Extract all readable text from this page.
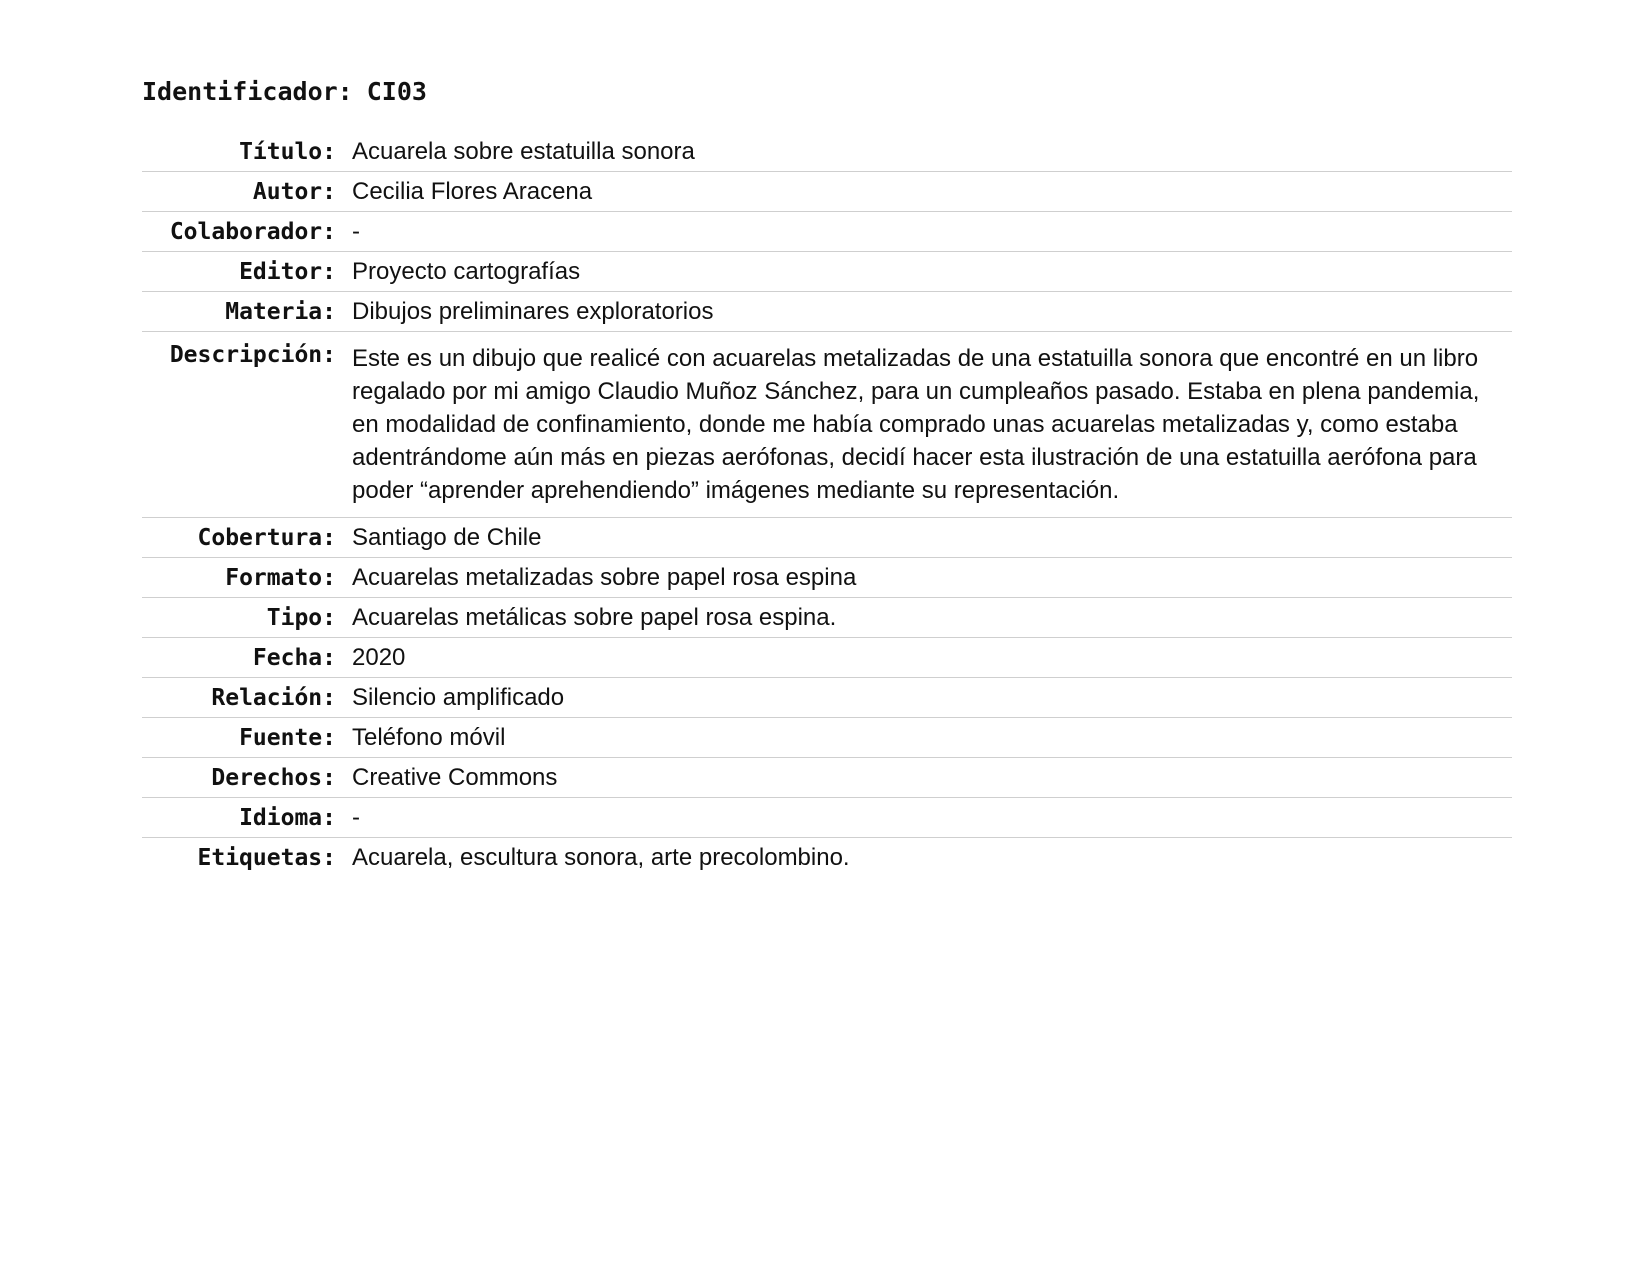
Identificador: CI03
Título:	Acuarela sobre estatuilla sonora
Autor:	Cecilia Flores Aracena
Colaborador:	-
Editor:	Proyecto cartografías
Materia:	Dibujos preliminares exploratorios
Descripción:	Este es un dibujo que realicé con acuarelas metalizadas de una estatuilla sonora que encontré en un libro regalado por mi amigo Claudio Muñoz Sánchez, para un cumpleaños pasado. Estaba en plena pandemia, en modalidad de confinamiento, donde me había comprado unas acuarelas metalizadas y, como estaba adentrándome aún más en piezas aerófonas, decidí hacer esta ilustración de una estatuilla aerófona para poder “aprender aprehendiendo” imágenes mediante su representación.
Cobertura:	Santiago de Chile
Formato:	Acuarelas metalizadas sobre papel rosa espina
Tipo:	Acuarelas metálicas sobre papel rosa espina.
Fecha:	2020
Relación:	Silencio amplificado
Fuente:	Teléfono móvil
Derechos:	Creative Commons
Idioma:	-
Etiquetas:	Acuarela, escultura sonora, arte precolombino.
